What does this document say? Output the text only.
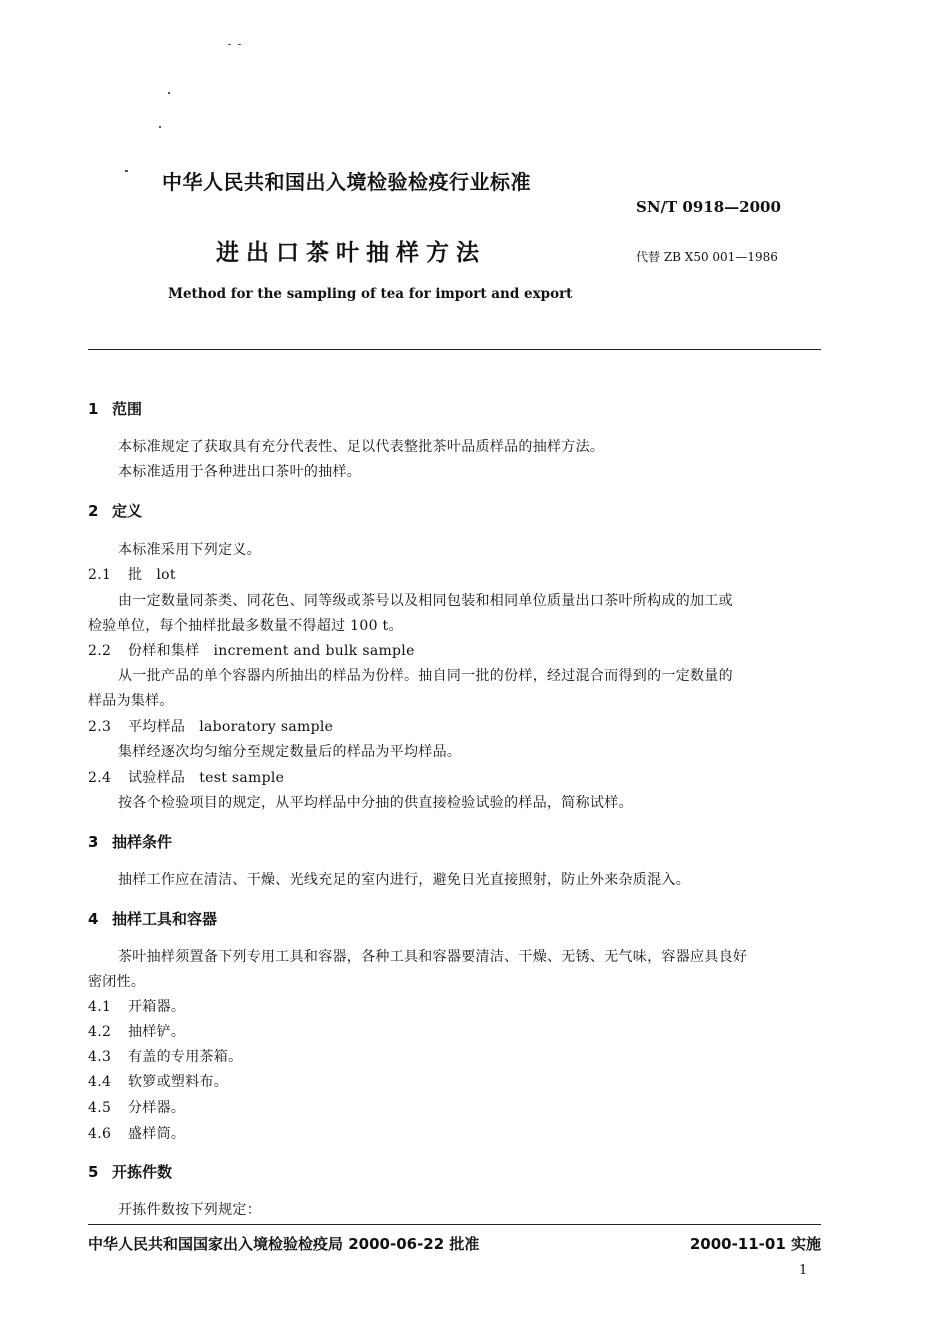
中华人民共和国出入境检验检疫行业标准
SN/T 0918—2000
进出口茶叶抽样方法	代替 ZB X50 001—1986
Method for the sampling of tea for import and export
1 范围
本标准规定了获取具有充分代表性、足以代表整批茶叶品质样品的抽样方法。
本标准适用于各种进出口茶叶的抽样。
2 定义
本标准采用下列定义。
2.1 批 lot
由一定数量同茶类、同花色、同等级或茶号以及相同包装和相同单位质量出口茶叶所构成的加工或
检验单位，每个抽样批最多数量不得超过 100 t。
2.2 份样和集样 increment and bulk sample
从一批产品的单个容器内所抽出的样品为份样。抽自同一批的份样，经过混合而得到的一定数量的
样品为集样。
2.3 平均样品 laboratory sample
集样经逐次均匀缩分至规定数量后的样品为平均样品。
2.4 试验样品 test sample
按各个检验项目的规定，从平均样品中分抽的供直接检验试验的样品，简称试样。
3 抽样条件
抽样工作应在清洁、干燥、光线充足的室内进行，避免日光直接照射，防止外来杂质混入。
4 抽样工具和容器
茶叶抽样须置备下列专用工具和容器，各种工具和容器要清洁、干燥、无锈、无气味，容器应具良好
密闭性。
4.1 开箱器。
4.2 抽样铲。
4.3 有盖的专用茶箱。
4.4 软箩或塑料布。
4.5 分样器。
4.6 盛样筒。
5 开拣件数
开拣件数按下列规定：
中华人民共和国国家出入境检验检疫局 2000-06-22 批准	2000-11-01 实施
1
